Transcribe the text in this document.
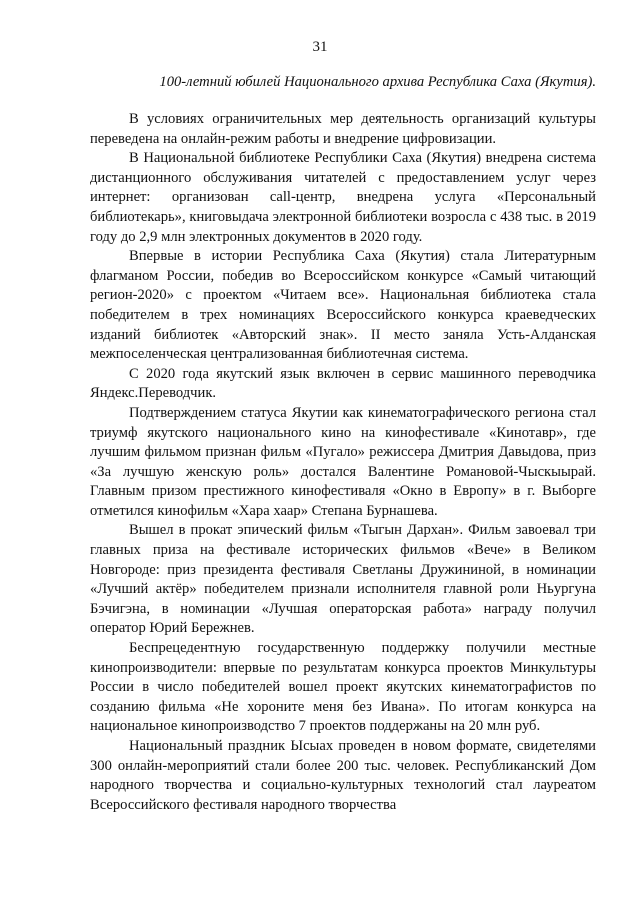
31
100-летний юбилей Национального архива Республика Саха (Якутия).

В условиях ограничительных мер деятельность организаций культуры переведена на онлайн-режим работы и внедрение цифровизации.

В Национальной библиотеке Республики Саха (Якутия) внедрена система дистанционного обслуживания читателей с предоставлением услуг через интернет: организован call-центр, внедрена услуга «Персональный библиотекарь», книговыдача электронной библиотеки возросла с 438 тыс. в 2019 году до 2,9 млн электронных документов в 2020 году.

Впервые в истории Республика Саха (Якутия) стала Литературным флагманом России, победив во Всероссийском конкурсе «Самый читающий регион-2020» с проектом «Читаем все». Национальная библиотека стала победителем в трех номинациях Всероссийского конкурса краеведческих изданий библиотек «Авторский знак». II место заняла Усть-Алданская межпоселенческая централизованная библиотечная система.

С 2020 года якутский язык включен в сервис машинного переводчика Яндекс.Переводчик.

Подтверждением статуса Якутии как кинематографического региона стал триумф якутского национального кино на кинофестивале «Кинотавр», где лучшим фильмом признан фильм «Пугало» режиссера Дмитрия Давыдова, приз «За лучшую женскую роль» достался Валентине Романовой-Чыскыырай. Главным призом престижного кинофестиваля «Окно в Европу» в г. Выборге отметился кинофильм «Хара хаар» Степана Бурнашева.

Вышел в прокат эпический фильм «Тыгын Дархан». Фильм завоевал три главных приза на фестивале исторических фильмов «Вече» в Великом Новгороде: приз президента фестиваля Светланы Дружининой, в номинации «Лучший актёр» победителем признали исполнителя главной роли Ньургуна Бэчигэна, в номинации «Лучшая операторская работа» награду получил оператор Юрий Бережнев.

Беспрецедентную государственную поддержку получили местные кинопроизводители: впервые по результатам конкурса проектов Минкультуры России в число победителей вошел проект якутских кинематографистов по созданию фильма «Не хороните меня без Ивана». По итогам конкурса на национальное кинопроизводство 7 проектов поддержаны на 20 млн руб.

Национальный праздник Ысыах проведен в новом формате, свидетелями 300 онлайн-мероприятий стали более 200 тыс. человек. Республиканский Дом народного творчества и социально-культурных технологий стал лауреатом Всероссийского фестиваля народного творчества
